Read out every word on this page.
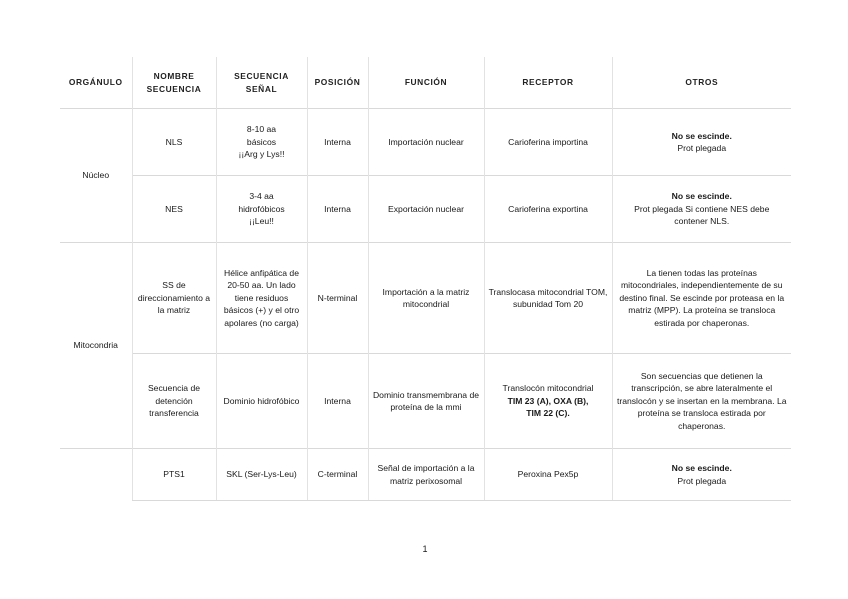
ORGÁNULO	NOMBRE SECUENCIA	SECUENCIA SEÑAL	POSICIÓN	FUNCIÓN	RECEPTOR	OTROS
Núcleo	NLS	8-10 aa
básicos
¡¡Arg y Lys!!	Interna	Importación nuclear	Carioferina importina	No se escinde.
Prot plegada

	NES	3-4 aa
hidrofóbicos
¡¡Leu!!	Interna	Exportación nuclear	Carioferina exportina	No se escinde.
Prot plegada Si contiene NES debe contener NLS.

Mitocondria	SS de direccionamiento a la matriz	Hélice anfipática de 20-50 aa. Un lado tiene residuos básicos (+) y el otro apolares (no carga)	N-terminal	Importación a la matriz mitocondrial	Translocasa mitocondrial TOM, subunidad Tom 20	La tienen todas las proteínas mitocondriales, independientemente de su destino final. Se escinde por proteasa en la matriz (MPP). La proteína se transloca estirada por chaperonas.
	Secuencia de detención transferencia	Dominio hidrofóbico	Interna	Dominio transmembrana de proteína de la mmi	Translocón mitocondrial
TIM 23 (A), OXA (B),
TIM 22 (C).	Son secuencias que detienen la transcripción, se abre lateralmente el translocón y se insertan en la membrana. La proteína se transloca estirada por chaperonas.
	PTS1	SKL (Ser-Lys-Leu)	C-terminal	Señal de importación a la matriz perixosomal	Peroxina Pex5p	No se escinde.
Prot plegada
1
